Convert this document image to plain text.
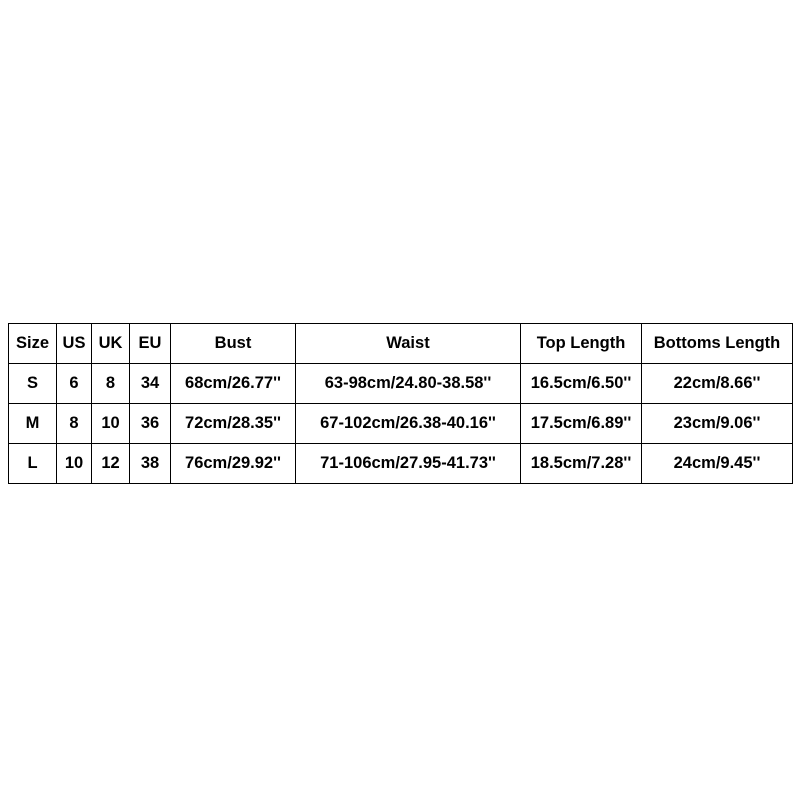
Size	US	UK	EU	Bust	Waist	Top Length	Bottoms Length
S	6	8	34	68cm/26.77''	63-98cm/24.80-38.58''	16.5cm/6.50''	22cm/8.66''
M	8	10	36	72cm/28.35''	67-102cm/26.38-40.16''	17.5cm/6.89''	23cm/9.06''
L	10	12	38	76cm/29.92''	71-106cm/27.95-41.73''	18.5cm/7.28''	24cm/9.45''
